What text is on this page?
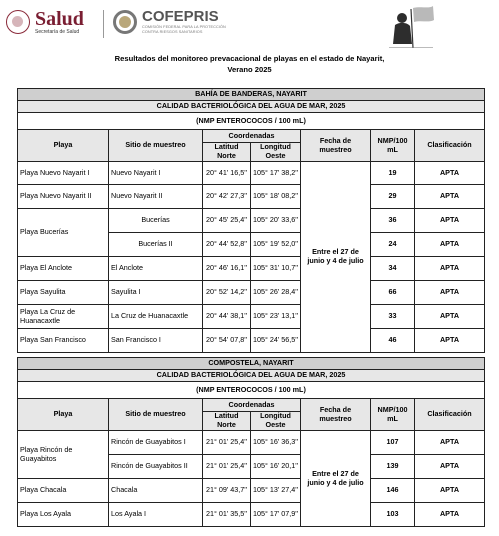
Salud
Secretaría de Salud
COFEPRIS
COMISIÓN FEDERAL PARA LA PROTECCIÓN
CONTRA RIESGOS SANITARIOS
Resultados del monitoreo prevacacional de playas en el estado de Nayarit,
Verano 2025
BAHÍA DE BANDERAS, NAYARIT						
CALIDAD BACTERIOLÓGICA DEL AGUA DE MAR, 2025						
(NMP ENTEROCOCOS / 100 mL)						
Playa	Sitio de muestreo	Coordenadas		Fecha de muestreo	NMP/100 mL	Clasificación
		Latitud Norte	Longitud Oeste			
Playa Nuevo Nayarit I	Nuevo Nayarit I	20° 41' 16,5''	105° 17' 38,2''	Entre el 27 de junio y 4 de julio	19	APTA
Playa Nuevo Nayarit II	Nuevo Nayarit II	20° 42' 27,3''	105° 18' 08,2''		29	APTA
Playa Bucerías	Bucerías	20° 45' 25,4''	105° 20' 33,6''		36	APTA
	Bucerías II	20° 44' 52,8''	105° 19' 52,0''		24	APTA
Playa El Anclote	El Anclote	20° 46' 16,1''	105° 31' 10,7''		34	APTA
Playa Sayulita	Sayulita I	20° 52' 14,2''	105° 26' 28,4''		66	APTA
Playa La Cruz de Huanacaxtle	La Cruz de Huanacaxtle	20° 44' 38,1''	105° 23' 13,1''		33	APTA
Playa San Francisco	San Francisco I	20° 54' 07,8''	105° 24' 56,5''		46	APTA
COMPOSTELA, NAYARIT						
CALIDAD BACTERIOLÓGICA DEL AGUA DE MAR, 2025						
(NMP ENTEROCOCOS / 100 mL)						
Playa	Sitio de muestreo	Coordenadas		Fecha de muestreo	NMP/100 mL	Clasificación
		Latitud Norte	Longitud Oeste			
Playa Rincón de Guayabitos	Rincón de Guayabitos I	21° 01' 25,4''	105° 16' 36,3''	Entre el 27 de junio y 4 de julio	107	APTA
	Rincón de Guayabitos II	21° 01' 25,4''	105° 16' 20,1''		139	APTA
Playa Chacala	Chacala	21° 09' 43,7''	105° 13' 27,4''		146	APTA
Playa Los Ayala	Los Ayala I	21° 01' 35,5''	105° 17' 07,9''		103	APTA
